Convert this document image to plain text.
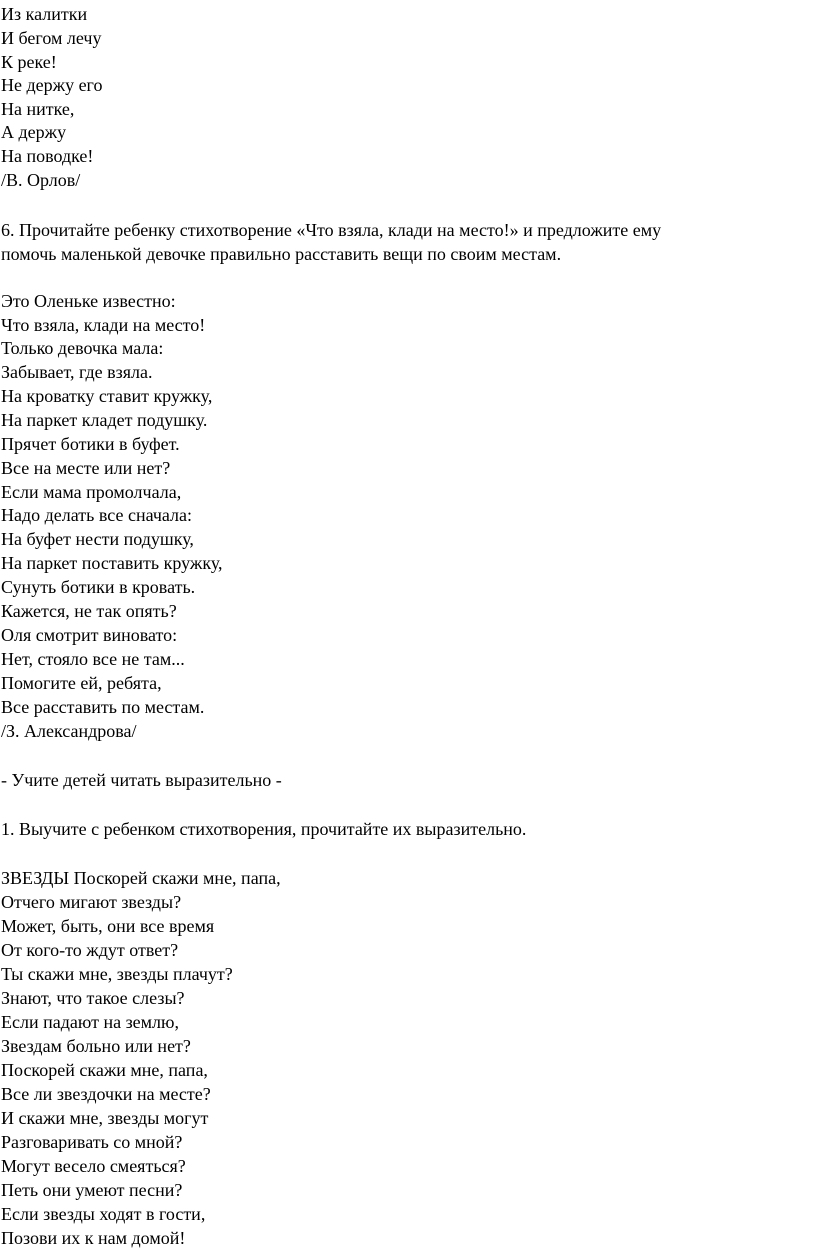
Из калитки

И бегом лечу

К реке!

Не держу его

На нитке,

А держу

На поводке!

/В. Орлов/

6. Прочитайте ребенку стихотворение «Что взяла, клади на место!» и предложите ему

помочь маленькой девочке правильно расставить вещи по своим местам.

Это Оленьке известно:

Что взяла, клади на место!

Только девочка мала:

Забывает, где взяла.

На кроватку ставит кружку,

На паркет кладет подушку.

Прячет ботики в буфет.

Все на месте или нет?

Если мама промолчала,

Надо делать все сначала:

На буфет нести подушку,

На паркет поставить кружку,

Сунуть ботики в кровать.

Кажется, не так опять?

Оля смотрит виновато:

Нет, стояло все не там...

Помогите ей, ребята,

Все расставить по местам.

/З. Александрова/

- Учите детей читать выразительно -

1. Выучите с ребенком стихотворения, прочитайте их выразительно.

ЗВЕЗДЫ Поскорей скажи мне, папа,

Отчего мигают звезды?

Может, быть, они все время

От кого-то ждут ответ?

Ты скажи мне, звезды плачут?

Знают, что такое слезы?

Если падают на землю,

Звездам больно или нет?

Поскорей скажи мне, папа,

Все ли звездочки на месте?

И скажи мне, звезды могут

Разговаривать со мной?

Могут весело смеяться?

Петь они умеют песни?

Если звезды ходят в гости,

Позови их к нам домой!
